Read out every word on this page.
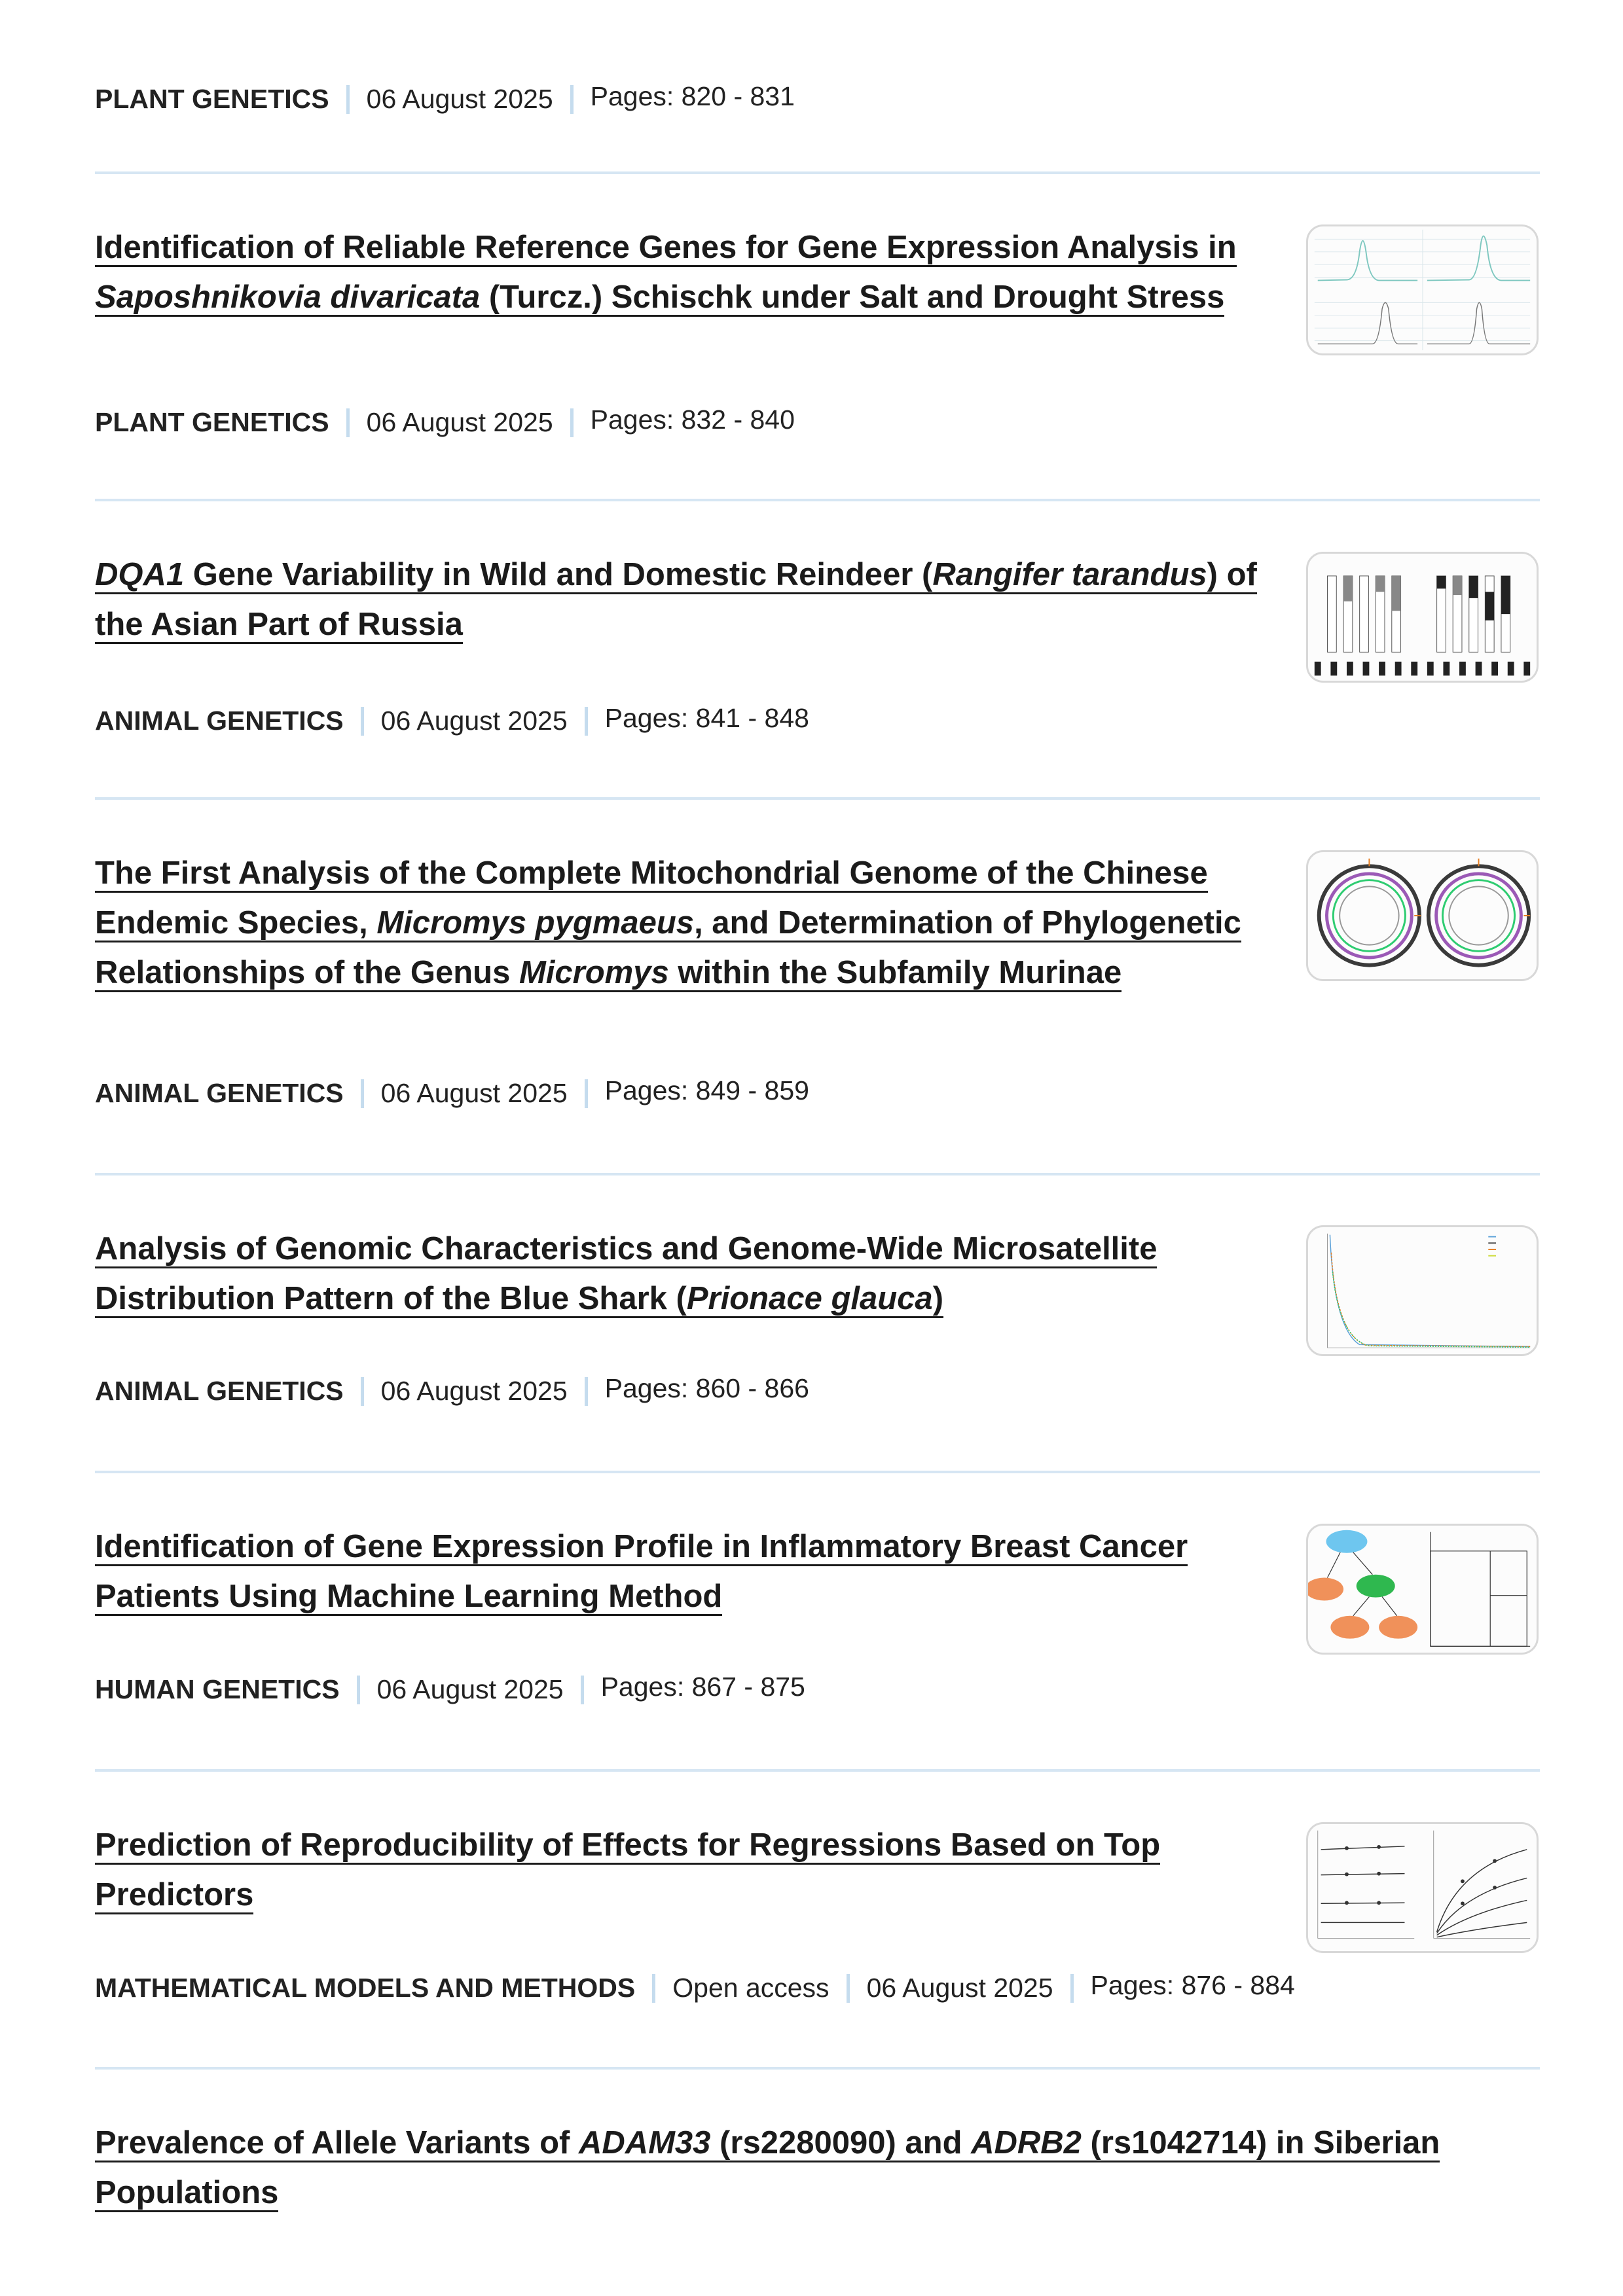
PLANT GENETICS 06 August 2025 Pages: 820 - 831
Identification of Reliable Reference Genes for Gene Expression Analysis in Saposhnikovia divaricata (Turcz.) Schischk under Salt and Drought Stress
PLANT GENETICS 06 August 2025 Pages: 832 - 840
DQA1 Gene Variability in Wild and Domestic Reindeer (Rangifer tarandus) of the Asian Part of Russia
ANIMAL GENETICS 06 August 2025 Pages: 841 - 848
The First Analysis of the Complete Mitochondrial Genome of the Chinese Endemic Species, Micromys pygmaeus, and Determination of Phylogenetic Relationships of the Genus Micromys within the Subfamily Murinae
ANIMAL GENETICS 06 August 2025 Pages: 849 - 859
Analysis of Genomic Characteristics and Genome-Wide Microsatellite Distribution Pattern of the Blue Shark (Prionace glauca)
ANIMAL GENETICS 06 August 2025 Pages: 860 - 866
Identification of Gene Expression Profile in Inflammatory Breast Cancer Patients Using Machine Learning Method
HUMAN GENETICS 06 August 2025 Pages: 867 - 875
Prediction of Reproducibility of Effects for Regressions Based on Top Predictors
MATHEMATICAL MODELS AND METHODS Open access 06 August 2025 Pages: 876 - 884
Prevalence of Allele Variants of ADAM33 (rs2280090) and ADRB2 (rs1042714) in Siberian Populations
